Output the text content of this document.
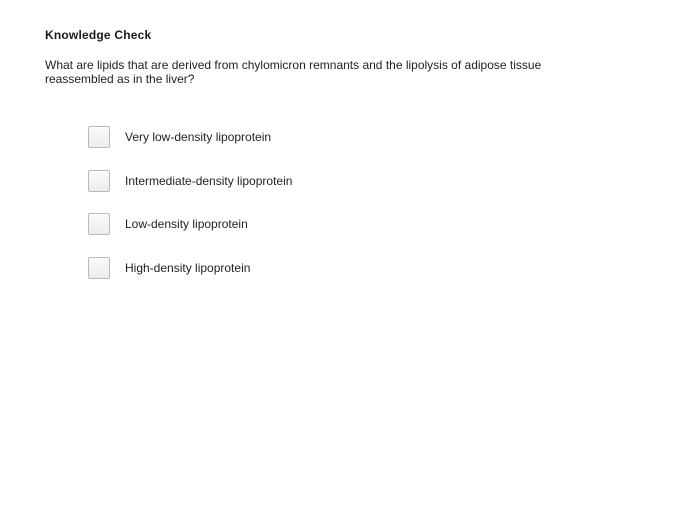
Knowledge Check
What are lipids that are derived from chylomicron remnants and the lipolysis of adipose tissue reassembled as in the liver?
Very low-density lipoprotein
Intermediate-density lipoprotein
Low-density lipoprotein
High-density lipoprotein
